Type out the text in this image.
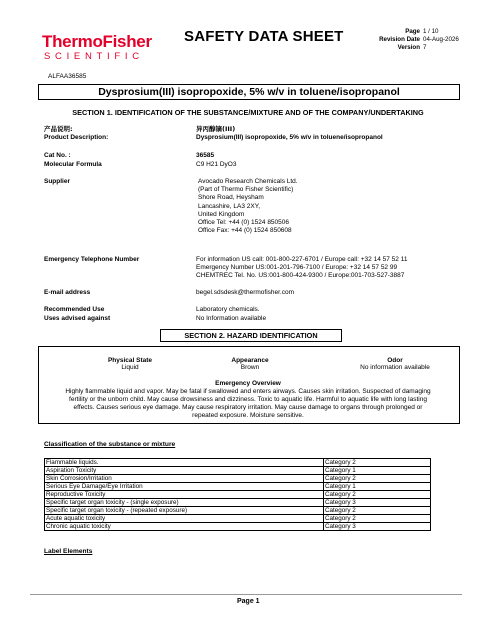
ThermoFisher
SCIENTIFIC
SAFETY DATA SHEET	Page 1 / 10
Revision Date 04-Aug-2026
Version 7
ALFAA36585
Dysprosium(III) isopropoxide, 5% w/v in toluene/isopropanol
SECTION 1. IDENTIFICATION OF THE SUBSTANCE/MIXTURE AND OF THE COMPANY/UNDERTAKING
产品说明:	异丙醇镝(III)
Product Description:	Dysprosium(III) isopropoxide, 5% w/v in toluene/isopropanol
Cat No. :	36585
Molecular Formula	C9 H21 DyO3
Supplier	Avocado Research Chemicals Ltd.
(Part of Thermo Fisher Scientific)
Shore Road, Heysham
Lancashire, LA3 2XY,
United Kingdom
Office Tel: +44 (0) 1524 850506
Office Fax: +44 (0) 1524 850608
Emergency Telephone Number	For information US call: 001-800-227-6701 / Europe call: +32 14 57 52 11
Emergency Number US:001-201-796-7100 / Europe: +32 14 57 52 99
CHEMTREC Tel. No. US:001-800-424-9300 / Europe:001-703-527-3887
E-mail address	begel.sdsdesk@thermofisher.com
Recommended Use	Laboratory chemicals.
Uses advised against	No Information available
SECTION 2. HAZARD IDENTIFICATION
Physical State
Liquid
Appearance
Brown
Odor
No information available
Emergency Overview
Highly flammable liquid and vapor. May be fatal if swallowed and enters airways. Causes skin irritation. Suspected of damaging
fertility or the unborn child. May cause drowsiness and dizziness. Toxic to aquatic life. Harmful to aquatic life with long lasting
effects. Causes serious eye damage. May cause respiratory irritation. May cause damage to organs through prolonged or
repeated exposure. Moisture sensitive.
Classification of the substance or mixture
Flammable liquids.	Category 2
Aspiration Toxicity	Category 1
Skin Corrosion/Irritation	Category 2
Serious Eye Damage/Eye Irritation	Category 1
Reproductive Toxicity	Category 2
Specific target organ toxicity - (single exposure)	Category 3
Specific target organ toxicity - (repeated exposure)	Category 2
Acute aquatic toxicity	Category 2
Chronic aquatic toxicity	Category 3
Label Elements
Page 1
